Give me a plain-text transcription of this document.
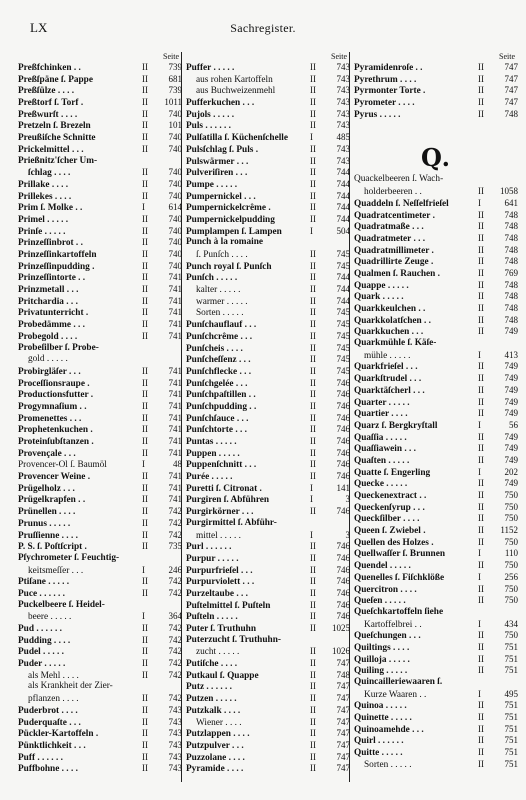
LX	Sachregister.
Seite
Preßfchinken . .	II	739
Preßſpäne ſ. Pappe	II	681
Preßſülze . . . .	II	739
Preßtorf ſ. Torf .	II	1011
Preßwurſt . . . .	II	740
Pretzeln ſ. Brezeln	II	101
Preußiſche Schnitte	II	740
Prickelmittel . . .	II	740
Prießnitz'ſcher Um-
ſchlag . . . .	II	740
Prillake . . . .	II	740
Prillekes . . . .	II	740
Prim ſ. Molke . .	I	614
Primel . . . . .	II	740
Prinſe . . . . .	II	740
Prinzeſſinbrot . .	II	740
Prinzeſſinkartoffeln	II	740
Prinzeſſinpudding .	II	740
Prinzeſſintorte . .	II	741
Prinzmetall . . .	II	741
Pritchardia . . .	II	741
Privatunterricht .	II	741
Probedämme . . .	II	741
Probegold . . . .	II	741
Probeſilber ſ. Probe-
gold . . . . .
Probirgläſer . . .	II	741
Proceſſionsraupe .	II	741
Productionsfutter .	II	741
Progymnaſium . .	II	741
Promenettes . . .	II	741
Prophetenkuchen .	II	741
Proteinſubſtanzen .	II	741
Provençale . . .	II	741
Provencer-Öl ſ. Baumöl	I	48
Provencer Weine .	II	741
Prügelholz . . .	II	741
Prügelkrapfen . .	II	741
Prünellen . . . .	II	742
Prunus . . . . .	II	742
Pruſſienne . . . .	II	742
P. S. ſ. Poſtſcript .	II	735
Pſychrometer ſ. Feuchtig-
keitsmeſſer . . .	I	246
Ptiſane . . . . .	II	742
Puce . . . . . .	II	742
Puckelbeere ſ. Heidel-
beere . . . . .	I	364
Pud . . . . . .	II	742
Pudding . . . .	II	742
Pudel . . . . .	II	742
Puder . . . . .	II	742
als Mehl . . . .	II	742
als Krankheit der Zier-
pflanzen . . . .	II	742
Puderbrot . . . .	II	743
Puderquaſte . . .	II	743
Pückler-Kartoffeln .	II	743
Pünktlichkeit . . .	II	743
Puff . . . . . .	II	743
Puffbohne . . . .	II	743
Seite
Puffer . . . . .	II	743
aus rohen Kartoffeln	II	743
aus Buchweizenmehl	II	743
Pufferkuchen . . .	II	743
Pujols . . . . .	II	743
Puls . . . . . .	II	743
Pulſatilla ſ. Küchenſchelle	I	485
Pulsſchlag ſ. Puls .	II	743
Pulswärmer . . .	II	743
Pulveriſiren . . .	II	744
Pumpe . . . . .	II	744
Pumpernickel . . .	II	744
Pumpernickelcrême .	II	744
Pumpernickelpudding	II	744
Pumplampen ſ. Lampen	I	504
Punch à la romaine
ſ. Punſch . . . .	II	745
Punch royal ſ. Punſch	II	745
Punſch . . . . .	II	744
kalter . . . . .	II	744
warmer . . . . .	II	744
Sorten . . . . .	II	745
Punſchauflauf . . .	II	745
Punſchcrême . . .	II	745
Punſcheis . . . .	II	745
Punſcheſſenz . . .	II	745
Punſchflecke . . .	II	745
Punſchgelée . . .	II	746
Punſchpaſtillen . .	II	746
Punſchpudding . .	II	746
Punſchſauce . . .	II	746
Punſchtorte . . .	II	746
Puntas . . . . .	II	746
Puppen . . . . .	II	746
Puppenſchnitt . . .	II	746
Purée . . . . .	II	746
Puretti ſ. Citronat .	I	141
Purgiren ſ. Abführen	I	3
Purgirkörner . . .	II	746
Purgirmittel ſ. Abführ-
mittel . . . . .	I	3
Purl . . . . . .	II	746
Purpur . . . . .	II	746
Purpurfrieſel . . .	II	746
Purpurviolett . . .	II	746
Purzeltaube . . .	II	746
Puſtelmittel ſ. Puſteln	II	746
Puſteln . . . . .	II	746
Puter ſ. Truthuhn	II	1025
Puterzucht ſ. Truthuhn-
zucht . . . . .	II	1026
Putiſche . . . .	II	747
Putkaul ſ. Quappe	II	748
Putz . . . . . .	II	747
Putzen . . . . .	II	747
Putzkalk . . . .	II	747
Wiener . . . .	II	747
Putzlappen . . . .	II	747
Putzpulver . . .	II	747
Puzzolane . . . .	II	747
Pyramide . . . .	II	747
Seite
Pyramidenroſe . .	II	747
Pyrethrum . . . .	II	747
Pyrmonter Torte .	II	747
Pyrometer . . . .	II	747
Pyrus . . . . .	II	748
Q.
Quackelbeeren ſ. Wach-
holderbeeren . .	II	1058
Quaddeln ſ. Neſſelfrieſel	I	641
Quadratcentimeter .	II	748
Quadratmaße . . .	II	748
Quadratmeter . . .	II	748
Quadratmillimeter .	II	748
Quadrillirte Zeuge .	II	748
Qualmen ſ. Rauchen .	II	769
Quappe . . . . .	II	748
Quark . . . . .	II	748
Quarkkeulchen . .	II	748
Quarkkolatſchen . .	II	748
Quarkkuchen . . .	II	749
Quarkmühle ſ. Käſe-
mühle . . . . .	I	413
Quarkfrieſel . . .	II	749
Quarkſtrudel . . .	II	749
Quarktäſcherl . . .	II	749
Quarter . . . . .	II	749
Quartier . . . .	II	749
Quarz ſ. Bergkryſtall	I	56
Quaſſia . . . . .	II	749
Quaſſiawein . . .	II	749
Quaſten . . . . .	II	749
Quatte ſ. Engerling	I	202
Quecke . . . . .	II	749
Queckenextract . .	II	750
Queckenſyrup . . .	II	750
Queckſilber . . . .	II	750
Queen ſ. Zwiebel .	II	1152
Quellen des Holzes .	II	750
Quellwaſſer ſ. Brunnen	I	110
Quendel . . . . .	II	750
Quenelles ſ. Fiſchklöße	I	256
Quercitron . . . .	II	750
Queſen . . . . .	II	750
Queſchkartoffeln ſiehe
Kartoffelbrei . .	I	434
Queſchungen . . .	II	750
Quiltings . . . .	II	751
Quilloja . . . . .	II	751
Quiling . . . . .	II	751
Quincailleriewaaren ſ.
Kurze Waaren . .	I	495
Quinoa . . . . .	II	751
Quinette . . . . .	II	751
Quinoamehde . . .	II	751
Quirl . . . . . .	II	751
Quitte . . . . .	II	751
Sorten . . . . .	II	751
